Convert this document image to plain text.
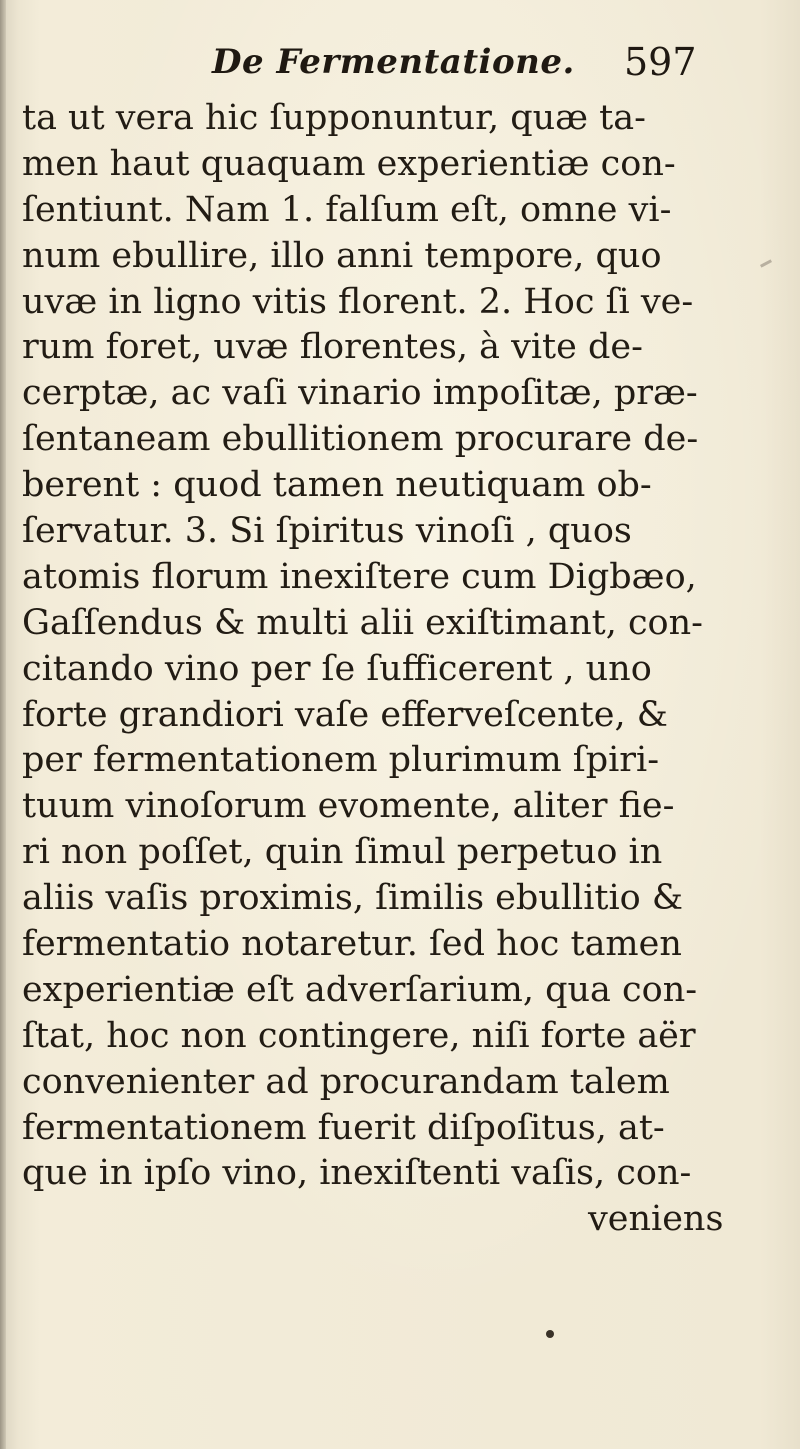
De Fermentatione. 597
ta ut vera hic ſupponuntur, quæ ta-
men haut quaquam experientiæ con-
ſentiunt. Nam 1. falſum eſt, omne vi-
num ebullire, illo anni tempore, quo
uvæ in ligno vitis florent. 2. Hoc ſi ve-
rum foret, uvæ florentes, à vite de-
cerptæ, ac vaſi vinario impoſitæ, præ-
ſentaneam ebullitionem procurare de-
berent : quod tamen neutiquam ob-
ſervatur. 3. Si ſpiritus vinoſi , quos
atomis florum inexiſtere cum Digbæo,
Gaſſendus & multi alii exiſtimant, con-
citando vino per ſe ſufficerent , uno
forte grandiori vaſe efferveſcente, &
per fermentationem plurimum ſpiri-
tuum vinoſorum evomente, aliter fie-
ri non poſſet, quin ſimul perpetuo in
aliis vaſis proximis, ſimilis ebullitio &
fermentatio notaretur. ſed hoc tamen
experientiæ eſt adverſarium, qua con-
ſtat, hoc non contingere, niſi forte aër
convenienter ad procurandam talem
fermentationem fuerit diſpoſitus, at-
que in ipſo vino, inexiſtenti vaſis, con-
veniens
